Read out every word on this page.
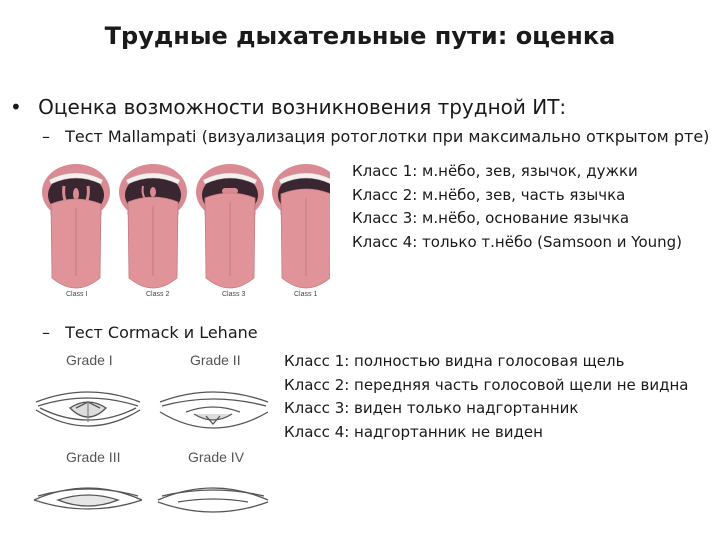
Трудные дыхательные пути: оценка
• Оценка возможности возникновения трудной ИТ:
– Тест Mallampati (визуализация ротоглотки при максимально открытом рте)
Class I	Class 2	Class 3	Class 1
Класс 1: м.нёбо, зев, язычок, дужки
Класс 2: м.нёбо, зев, часть язычка
Класс 3: м.нёбо, основание язычка
Класс 4: только т.нёбо (Samsoon и Young)
– Тест Cormack и Lehane
Grade I	Grade II
Grade III	Grade IV
Класс 1: полностью видна голосовая щель
Класс 2: передняя часть голосовой щели не видна
Класс 3: виден только надгортанник
Класс 4: надгортанник не виден
